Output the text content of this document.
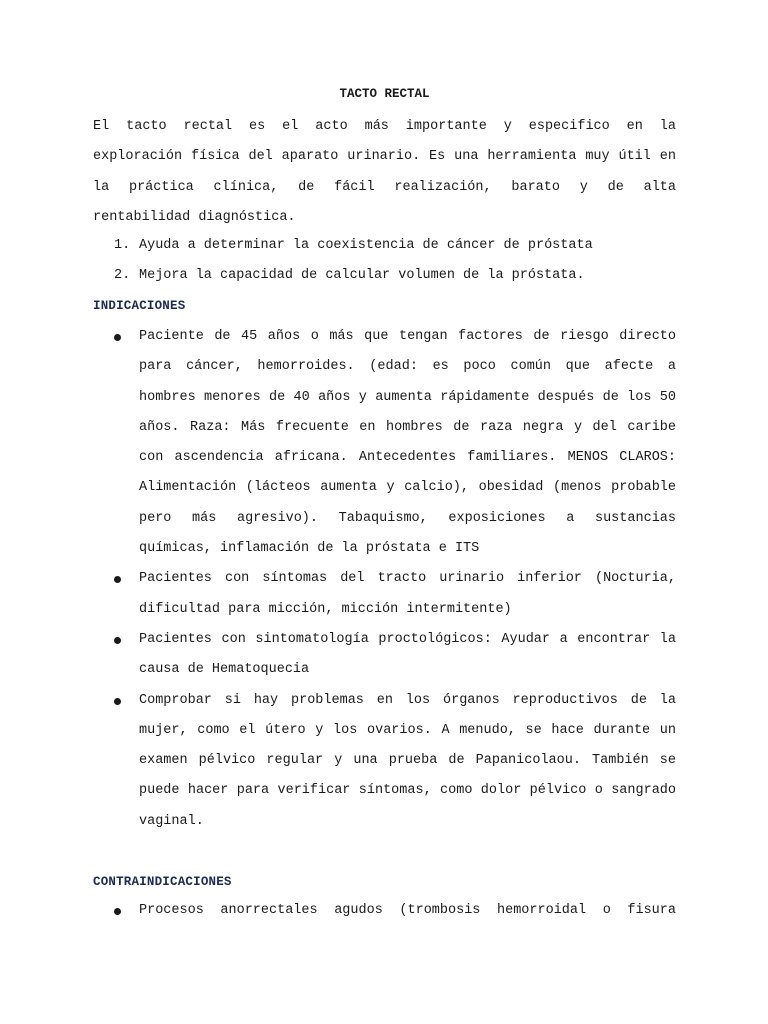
TACTO RECTAL

El tacto rectal es el acto más importante y especifico en la exploración física del aparato urinario. Es una herramienta muy útil en la práctica clínica, de fácil realización, barato y de alta rentabilidad diagnóstica.

1. Ayuda a determinar la coexistencia de cáncer de próstata
2. Mejora la capacidad de calcular volumen de la próstata.
INDICACIONES
Paciente de 45 años o más que tengan factores de riesgo directo para cáncer, hemorroides. (edad: es poco común que afecte a hombres menores de 40 años y aumenta rápidamente después de los 50 años. Raza: Más frecuente en hombres de raza negra y del caribe con ascendencia africana. Antecedentes familiares. MENOS CLAROS: Alimentación (lácteos aumenta y calcio), obesidad (menos probable pero más agresivo). Tabaquismo, exposiciones a sustancias químicas, inflamación de la próstata e ITS
Pacientes con síntomas del tracto urinario inferior (Nocturia, dificultad para micción, micción intermitente)
Pacientes con sintomatología proctológicos: Ayudar a encontrar la causa de Hematoquecia
Comprobar si hay problemas en los órganos reproductivos de la mujer, como el útero y los ovarios. A menudo, se hace durante un examen pélvico regular y una prueba de Papanicolaou. También se puede hacer para verificar síntomas, como dolor pélvico o sangrado vaginal.
CONTRAINDICACIONES
Procesos anorrectales agudos (trombosis hemorroidal o fisura
